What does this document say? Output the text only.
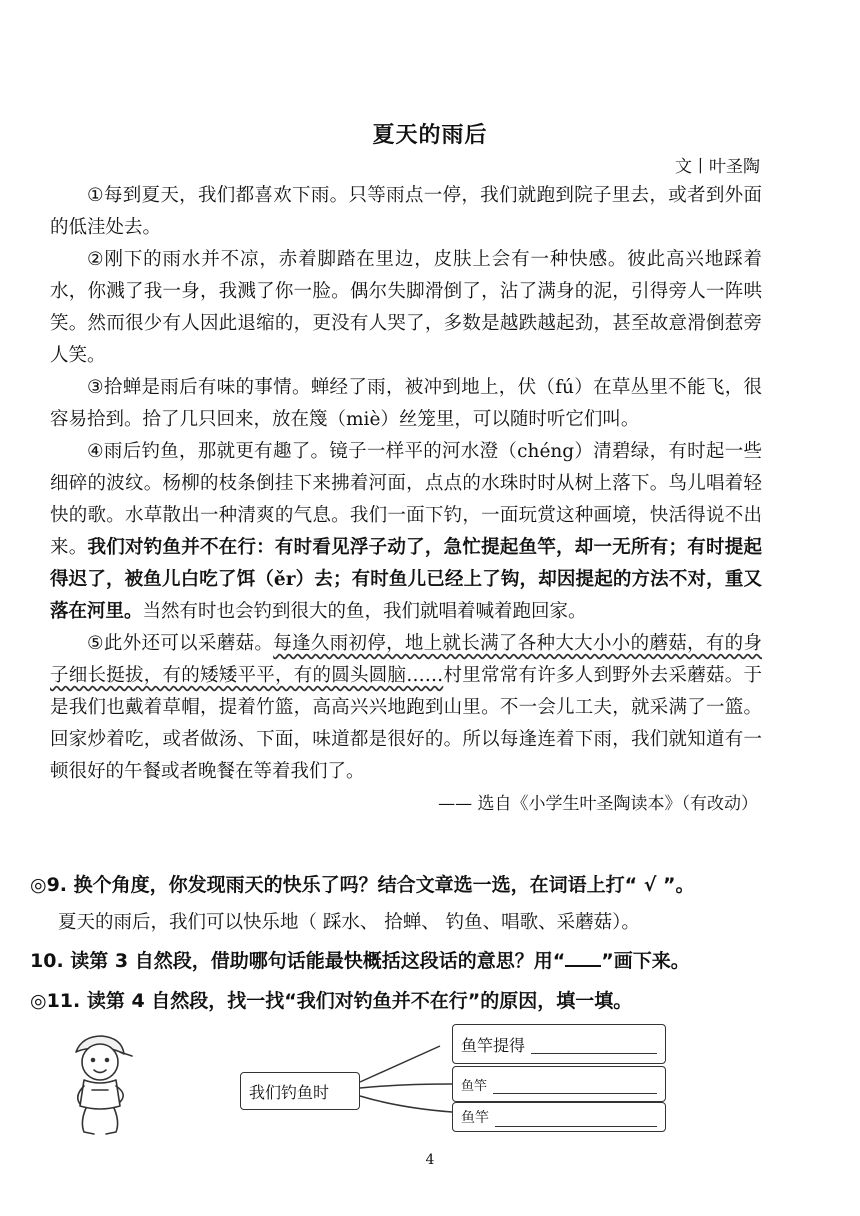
夏天的雨后
文丨叶圣陶

①每到夏天，我们都喜欢下雨。只等雨点一停，我们就跑到院子里去，或者到外面的低洼处去。

②刚下的雨水并不凉，赤着脚踏在里边，皮肤上会有一种快感。彼此高兴地踩着水，你溅了我一身，我溅了你一脸。偶尔失脚滑倒了，沾了满身的泥，引得旁人一阵哄笑。然而很少有人因此退缩的，更没有人哭了，多数是越跌越起劲，甚至故意滑倒惹旁人笑。

③拾蝉是雨后有味的事情。蝉经了雨，被冲到地上，伏（fú）在草丛里不能飞，很容易拾到。拾了几只回来，放在篾（miè）丝笼里，可以随时听它们叫。

④雨后钓鱼，那就更有趣了。镜子一样平的河水澄（chéng）清碧绿，有时起一些细碎的波纹。杨柳的枝条倒挂下来拂着河面，点点的水珠时时从树上落下。鸟儿唱着轻快的歌。水草散出一种清爽的气息。我们一面下钓，一面玩赏这种画境，快活得说不出来。我们对钓鱼并不在行：有时看见浮子动了，急忙提起鱼竿，却一无所有；有时提起得迟了，被鱼儿白吃了饵（ěr）去；有时鱼儿已经上了钩，却因提起的方法不对，重又落在河里。当然有时也会钓到很大的鱼，我们就唱着喊着跑回家。

⑤此外还可以采蘑菇。每逢久雨初停，地上就长满了各种大大小小的蘑菇，有的身子细长挺拔，有的矮矮平平，有的圆头圆脑……村里常常有许多人到野外去采蘑菇。于是我们也戴着草帽，提着竹篮，高高兴兴地跑到山里。不一会儿工夫，就采满了一篮。回家炒着吃，或者做汤、下面，味道都是很好的。所以每逢连着下雨，我们就知道有一顿很好的午餐或者晚餐在等着我们了。

—— 选自《小学生叶圣陶读本》（有改动）

◎9. 换个角度，你发现雨天的快乐了吗？结合文章选一选，在词语上打“ √ ”。
夏天的雨后，我们可以快乐地（ 踩水、 拾蝉、 钓鱼、唱歌、采蘑菇）。
10. 读第 3 自然段，借助哪句话能最快概括这段话的意思？用“ ”画下来。
◎11. 读第 4 自然段，找一找“我们对钓鱼并不在行”的原因，填一填。
我们钓鱼时
鱼竿提得
鱼竿
鱼竿
4
